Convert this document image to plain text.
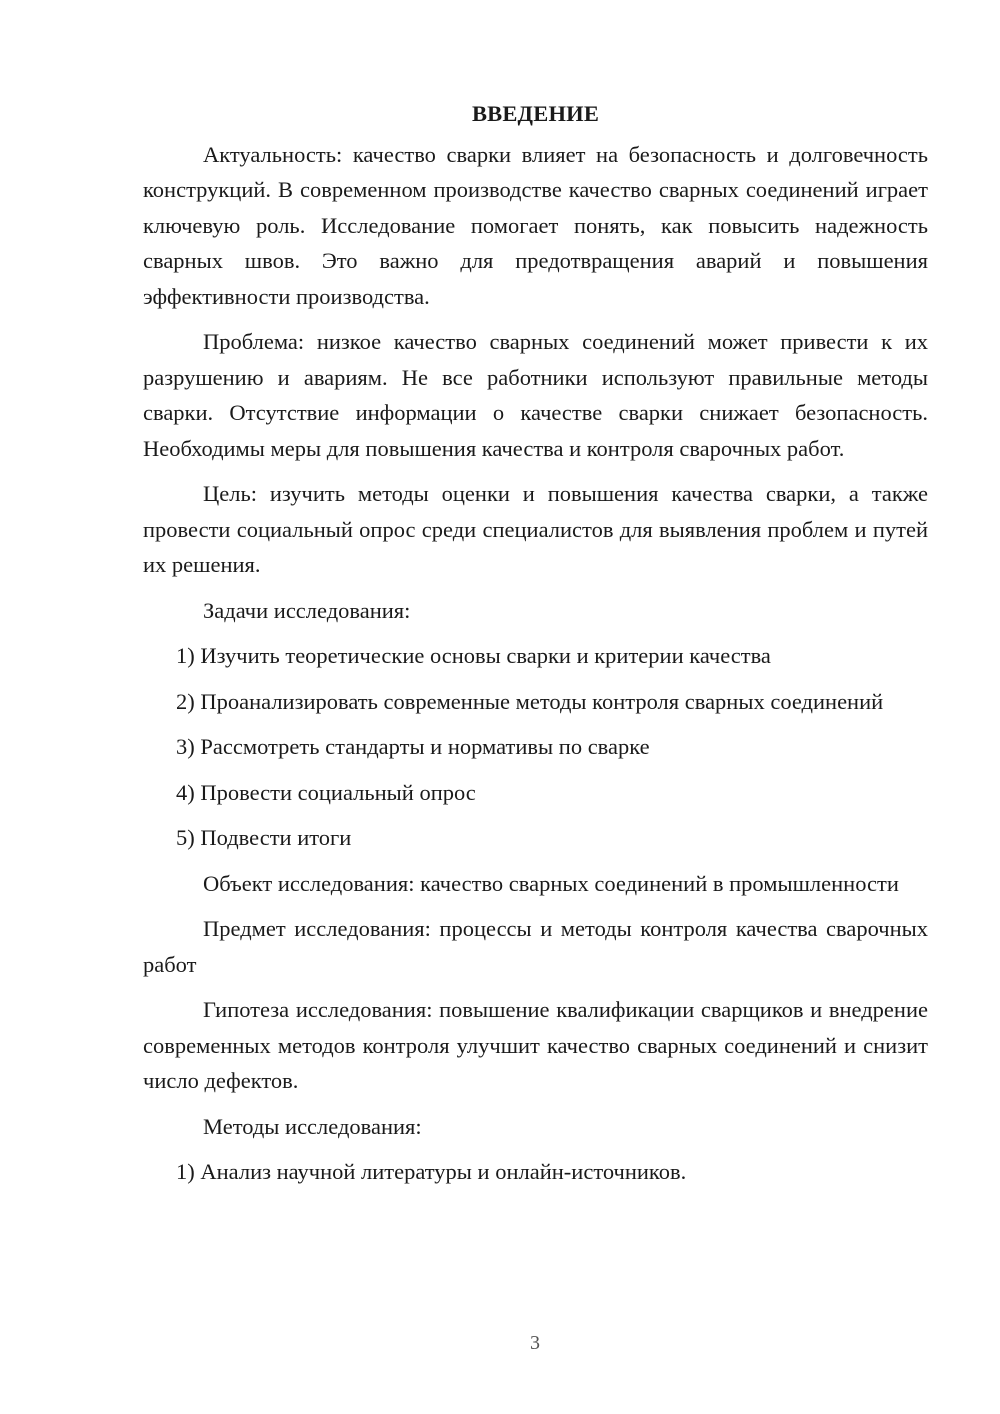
ВВЕДЕНИЕ

Актуальность: качество сварки влияет на безопасность и долговечность конструкций. В современном производстве качество сварных соединений играет ключевую роль. Исследование помогает понять, как повысить надежность сварных швов. Это важно для предотвращения аварий и повышения эффективности производства.

Проблема: низкое качество сварных соединений может привести к их разрушению и авариям. Не все работники используют правильные методы сварки. Отсутствие информации о качестве сварки снижает безопасность. Необходимы меры для повышения качества и контроля сварочных работ.

Цель: изучить методы оценки и повышения качества сварки, а также провести социальный опрос среди специалистов для выявления проблем и путей их решения.

Задачи исследования:

1) Изучить теоретические основы сварки и критерии качества

2) Проанализировать современные методы контроля сварных соединений

3) Рассмотреть стандарты и нормативы по сварке

4) Провести социальный опрос

5) Подвести итоги

Объект исследования: качество сварных соединений в промышленности

Предмет исследования: процессы и методы контроля качества сварочных работ

Гипотеза исследования: повышение квалификации сварщиков и внедрение современных методов контроля улучшит качество сварных соединений и снизит число дефектов.

Методы исследования:

1) Анализ научной литературы и онлайн-источников.

3
